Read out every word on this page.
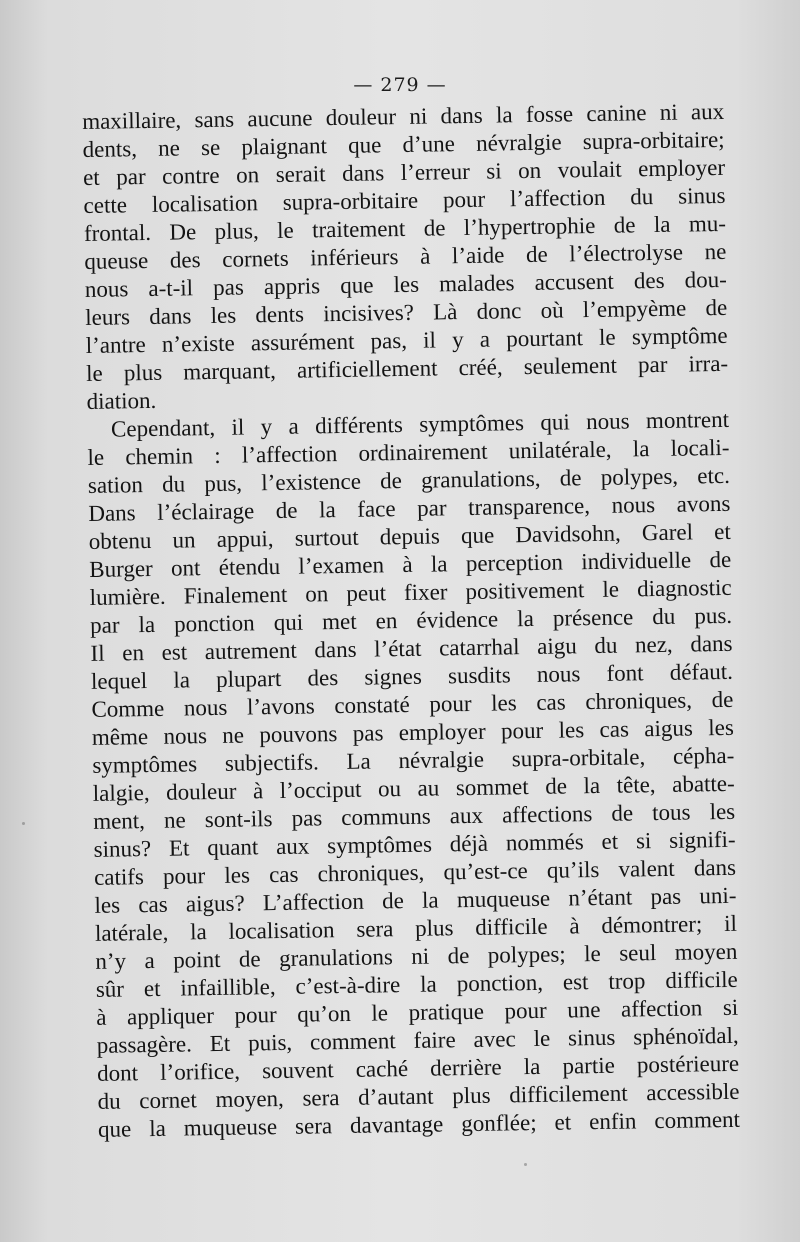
— 279 —
maxillaire, sans aucune douleur ni dans la fosse canine ni aux
dents, ne se plaignant que d’une névralgie supra-orbitaire;
et par contre on serait dans l’erreur si on voulait employer
cette localisation supra-orbitaire pour l’affection du sinus
frontal. De plus, le traitement de l’hypertrophie de la mu-
queuse des cornets inférieurs à l’aide de l’électrolyse ne
nous a-t-il pas appris que les malades accusent des dou-
leurs dans les dents incisives? Là donc où l’empyème de
l’antre n’existe assurément pas, il y a pourtant le symptôme
le plus marquant, artificiellement créé, seulement par irra-
diation.
Cependant, il y a différents symptômes qui nous montrent
le chemin : l’affection ordinairement unilatérale, la locali-
sation du pus, l’existence de granulations, de polypes, etc.
Dans l’éclairage de la face par transparence, nous avons
obtenu un appui, surtout depuis que Davidsohn, Garel et
Burger ont étendu l’examen à la perception individuelle de
lumière. Finalement on peut fixer positivement le diagnostic
par la ponction qui met en évidence la présence du pus.
Il en est autrement dans l’état catarrhal aigu du nez, dans
lequel la plupart des signes susdits nous font défaut.
Comme nous l’avons constaté pour les cas chroniques, de
même nous ne pouvons pas employer pour les cas aigus les
symptômes subjectifs. La névralgie supra-orbitale, cépha-
lalgie, douleur à l’occiput ou au sommet de la tête, abatte-
ment, ne sont-ils pas communs aux affections de tous les
sinus? Et quant aux symptômes déjà nommés et si signifi-
catifs pour les cas chroniques, qu’est-ce qu’ils valent dans
les cas aigus? L’affection de la muqueuse n’étant pas uni-
latérale, la localisation sera plus difficile à démontrer; il
n’y a point de granulations ni de polypes; le seul moyen
sûr et infaillible, c’est-à-dire la ponction, est trop difficile
à appliquer pour qu’on le pratique pour une affection si
passagère. Et puis, comment faire avec le sinus sphénoïdal,
dont l’orifice, souvent caché derrière la partie postérieure
du cornet moyen, sera d’autant plus difficilement accessible
que la muqueuse sera davantage gonflée; et enfin comment
